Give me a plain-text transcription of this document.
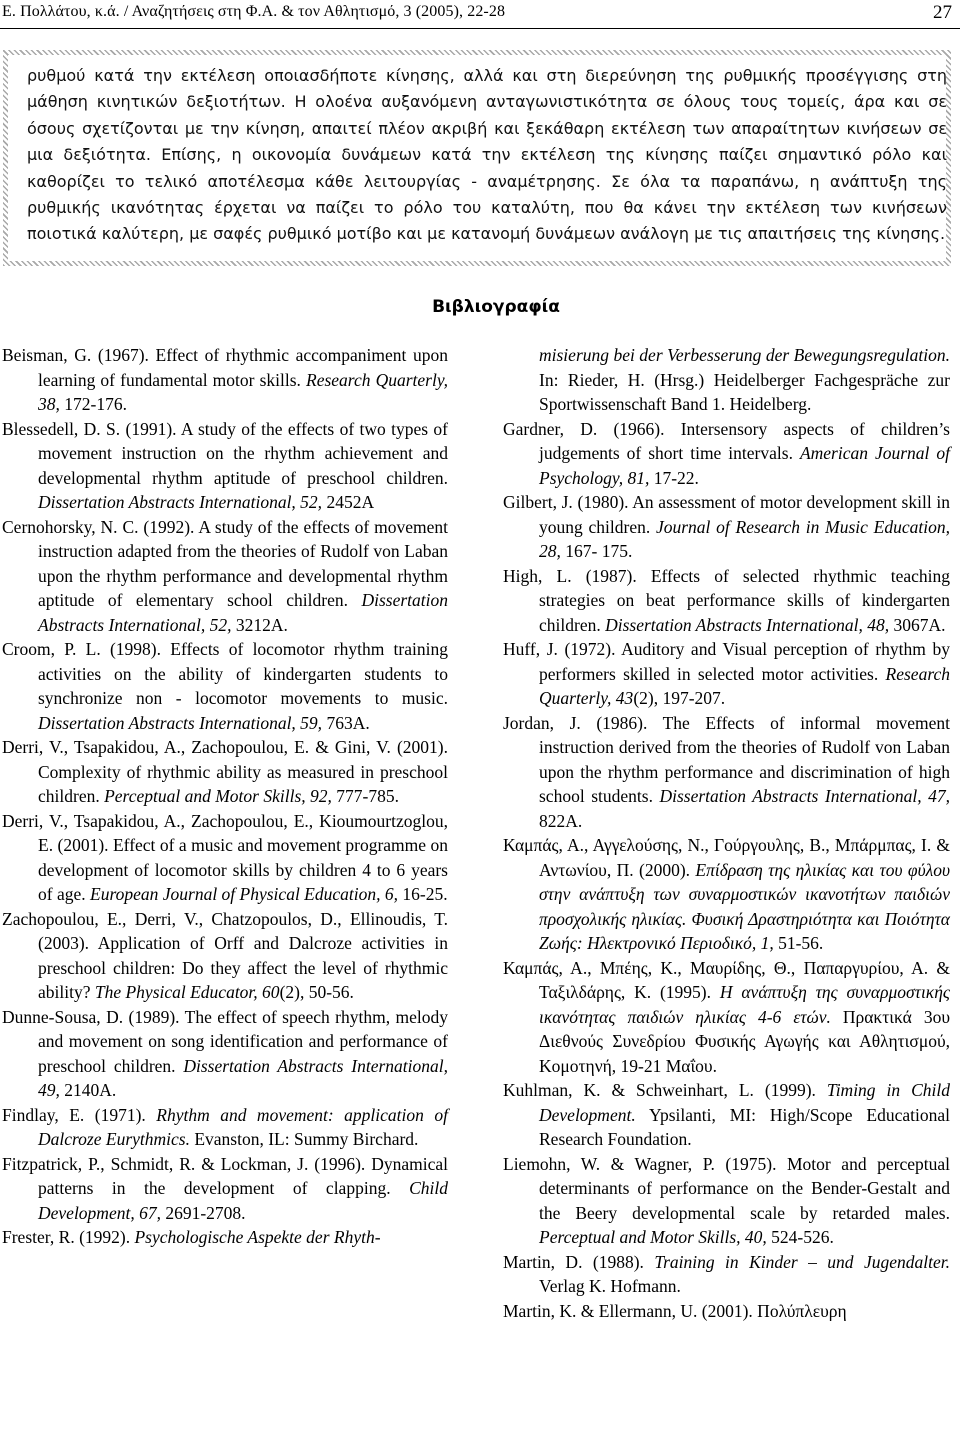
Ε. Πολλάτου, κ.ά. / Αναζητήσεις στη Φ.Α. & τον Αθλητισμό, 3 (2005), 22-28	27

ρυθμού κατά την εκτέλεση οποιασδήποτε κίνησης, αλλά και στη διερεύνηση της ρυθμικής προσέγγισης στη μάθηση κινητικών δεξιοτήτων. Η ολοένα αυξανόμενη ανταγωνιστικότητα σε όλους τους τομείς, άρα και σε όσους σχετίζονται με την κίνηση, απαιτεί πλέον ακριβή και ξεκάθαρη εκτέλεση των απαραίτητων κινήσεων σε μια δεξιότητα. Επίσης, η οικονομία δυνάμεων κατά την εκτέλεση της κίνησης παίζει σημαντικό ρόλο και καθορίζει το τελικό αποτέλεσμα κάθε λειτουργίας - αναμέτρησης. Σε όλα τα παραπάνω, η ανάπτυξη της ρυθμικής ικανότητας έρχεται να παίζει το ρόλο του καταλύτη, που θα κάνει την εκτέλεση των κινήσεων ποιοτικά καλύτερη, με σαφές ρυθμικό μοτίβο και με κατανομή δυνάμεων ανάλογη με τις απαιτήσεις της κίνησης.

Βιβλιογραφία

Beisman, G. (1967). Effect of rhythmic accompaniment upon learning of fundamental motor skills. Research Quarterly, 38, 172-176.

Blessedell, D. S. (1991). A study of the effects of two types of movement instruction on the rhythm achievement and developmental rhythm aptitude of preschool children. Dissertation Abstracts International, 52, 2452A

Cernohorsky, N. C. (1992). A study of the effects of movement instruction adapted from the theories of Rudolf von Laban upon the rhythm performance and developmental rhythm aptitude of elementary school children. Dissertation Abstracts International, 52, 3212A.

Croom, P. L. (1998). Effects of locomotor rhythm training activities on the ability of kindergarten students to synchronize non - locomotor movements to music. Dissertation Abstracts International, 59, 763A.

Derri, V., Tsapakidou, A., Zachopoulou, E. & Gini, V. (2001). Complexity of rhythmic ability as measured in preschool children. Perceptual and Motor Skills, 92, 777-785.

Derri, V., Tsapakidou, A., Zachopoulou, E., Kioumourtzoglou, E. (2001). Effect of a music and movement programme on development of locomotor skills by children 4 to 6 years of age. European Journal of Physical Education, 6, 16-25.

Zachopoulou, E., Derri, V., Chatzopoulos, D., Ellinoudis, T. (2003). Application of Orff and Dalcroze activities in preschool children: Do they affect the level of rhythmic ability? The Physical Educator, 60(2), 50-56.

Dunne-Sousa, D. (1989). The effect of speech rhythm, melody and movement on song identification and performance of preschool children. Dissertation Abstracts International, 49, 2140A.

Findlay, E. (1971). Rhythm and movement: application of Dalcroze Eurythmics. Evanston, IL: Summy Birchard.

Fitzpatrick, P., Schmidt, R. & Lockman, J. (1996). Dynamical patterns in the development of clapping. Child Development, 67, 2691-2708.

Frester, R. (1992). Psychologische Aspekte der Rhyth-

misierung bei der Verbesserung der Bewegungsregulation. In: Rieder, H. (Hrsg.) Heidelberger Fachgespräche zur Sportwissenschaft Band 1. Heidelberg.

Gardner, D. (1966). Intersensory aspects of children’s judgements of short time intervals. American Journal of Psychology, 81, 17-22.

Gilbert, J. (1980). An assessment of motor development skill in young children. Journal of Research in Music Education, 28, 167- 175.

High, L. (1987). Effects of selected rhythmic teaching strategies on beat performance skills of kindergarten children. Dissertation Abstracts International, 48, 3067A.

Huff, J. (1972). Auditory and Visual perception of rhythm by performers skilled in selected motor activities. Research Quarterly, 43(2), 197-207.

Jordan, J. (1986). The Effects of informal movement instruction derived from the theories of Rudolf von Laban upon the rhythm performance and discrimination of high school students. Dissertation Abstracts International, 47, 822A.

Καμπάς, Α., Αγγελούσης, Ν., Γούργουλης, Β., Μπάρμπας, Ι. & Αντωνίου, Π. (2000). Επίδραση της ηλικίας και του φύλου στην ανάπτυξη των συναρμοστικών ικανοτήτων παιδιών προσχολικής ηλικίας. Φυσική Δραστηριότητα και Ποιότητα Ζωής: Ηλεκτρονικό Περιοδικό, 1, 51-56.

Καμπάς, Α., Μπέης, Κ., Μαυρίδης, Θ., Παπαργυρίου, Α. & Ταξιλδάρης, Κ. (1995). Η ανάπτυξη της συναρμοστικής ικανότητας παιδιών ηλικίας 4-6 ετών. Πρακτικά 3ου Διεθνούς Συνεδρίου Φυσικής Αγωγής και Αθλητισμού, Κομοτηνή, 19-21 Μαΐου.

Kuhlman, K. & Schweinhart, L. (1999). Timing in Child Development. Ypsilanti, MI: High/Scope Educational Research Foundation.

Liemohn, W. & Wagner, P. (1975). Motor and perceptual determinants of performance on the Bender-Gestalt and the Beery developmental scale by retarded males. Perceptual and Motor Skills, 40, 524-526.

Martin, D. (1988). Training in Kinder – und Jugendalter. Verlag K. Hofmann.

Martin, K. & Ellermann, U. (2001). Πολύπλευρη
